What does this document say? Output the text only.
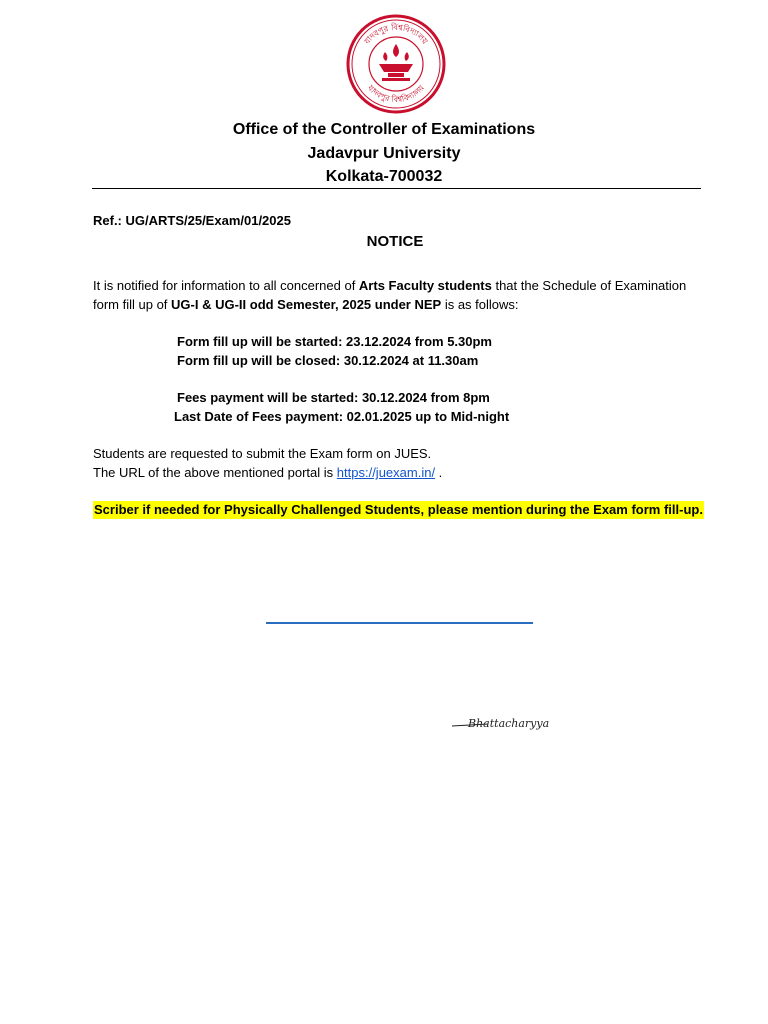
যাদবপুর বিশ্ববিদ্যালয়
যাদবপুর বিশ্ববিদ্যালয়
Office of the Controller of Examinations
Jadavpur University
Kolkata-700032
Ref.: UG/ARTS/25/Exam/01/2025
NOTICE
It is notified for information to all concerned of Arts Faculty students that the Schedule of Examination form fill up of UG-I & UG-II odd Semester, 2025 under NEP is as follows:
Form fill up will be started: 23.12.2024 from 5.30pm
Form fill up will be closed: 30.12.2024 at 11.30am
Fees payment will be started: 30.12.2024 from 8pm
Last Date of Fees payment: 02.01.2025 up to Mid-night
Students are requested to submit the Exam form on JUES.
The URL of the above mentioned portal is https://juexam.in/ .
Scriber if needed for Physically Challenged Students, please mention during the Exam form fill-up.
Bhattacharyya
